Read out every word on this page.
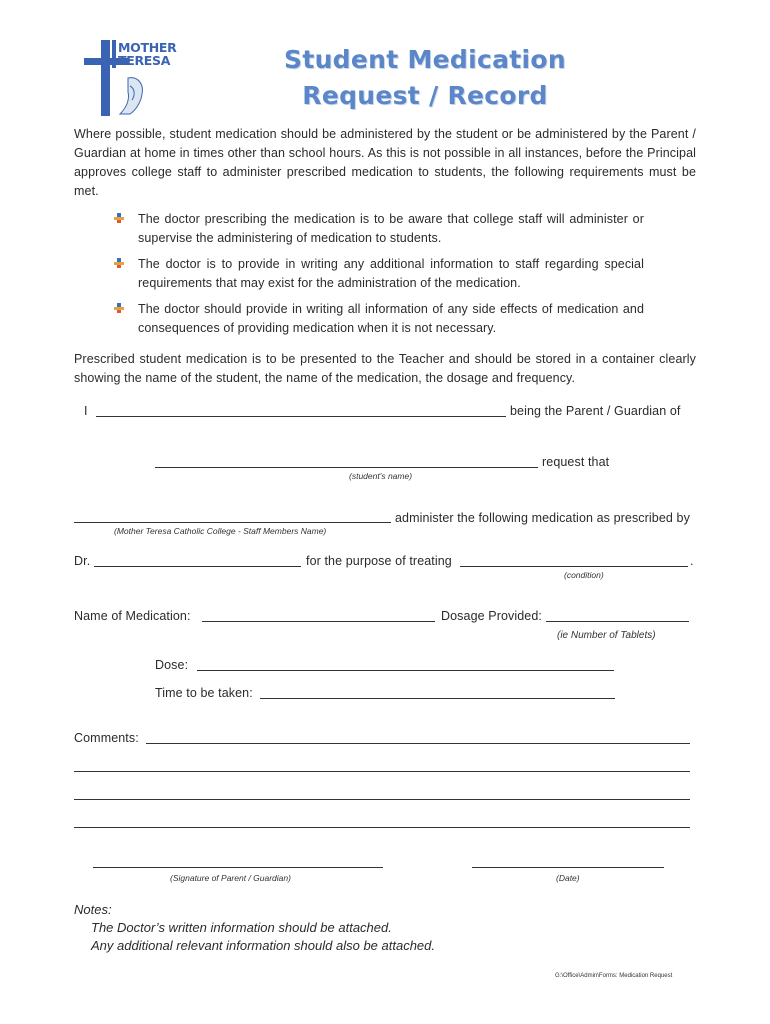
MOTHER
TERESA	Student Medication
Request / Record
Where possible, student medication should be administered by the student or be administered by the Parent / Guardian at home in times other than school hours. As this is not possible in all instances, before the Principal approves college staff to administer prescribed medication to students, the following requirements must be met.
The doctor prescribing the medication is to be aware that college staff will administer or supervise the administering of medication to students.
The doctor is to provide in writing any additional information to staff regarding special requirements that may exist for the administration of the medication.
The doctor should provide in writing all information of any side effects of medication and consequences of providing medication when it is not necessary.
Prescribed student medication is to be presented to the Teacher and should be stored in a container clearly showing the name of the student, the name of the medication, the dosage and frequency.
I	being the Parent / Guardian of
request that
(student's name)
administer the following medication as prescribed by
(Mother Teresa Catholic College - Staff Members Name)
Dr.	for the purpose of treating	.
(condition)
Name of Medication:	Dosage Provided:
(ie Number of Tablets)
Dose:
Time to be taken:
Comments:
(Signature of Parent / Guardian)	(Date)
Notes:
The Doctor’s written information should be attached.
Any additional relevant information should also be attached.
G:\Office\Admin\Forms: Medication Request
